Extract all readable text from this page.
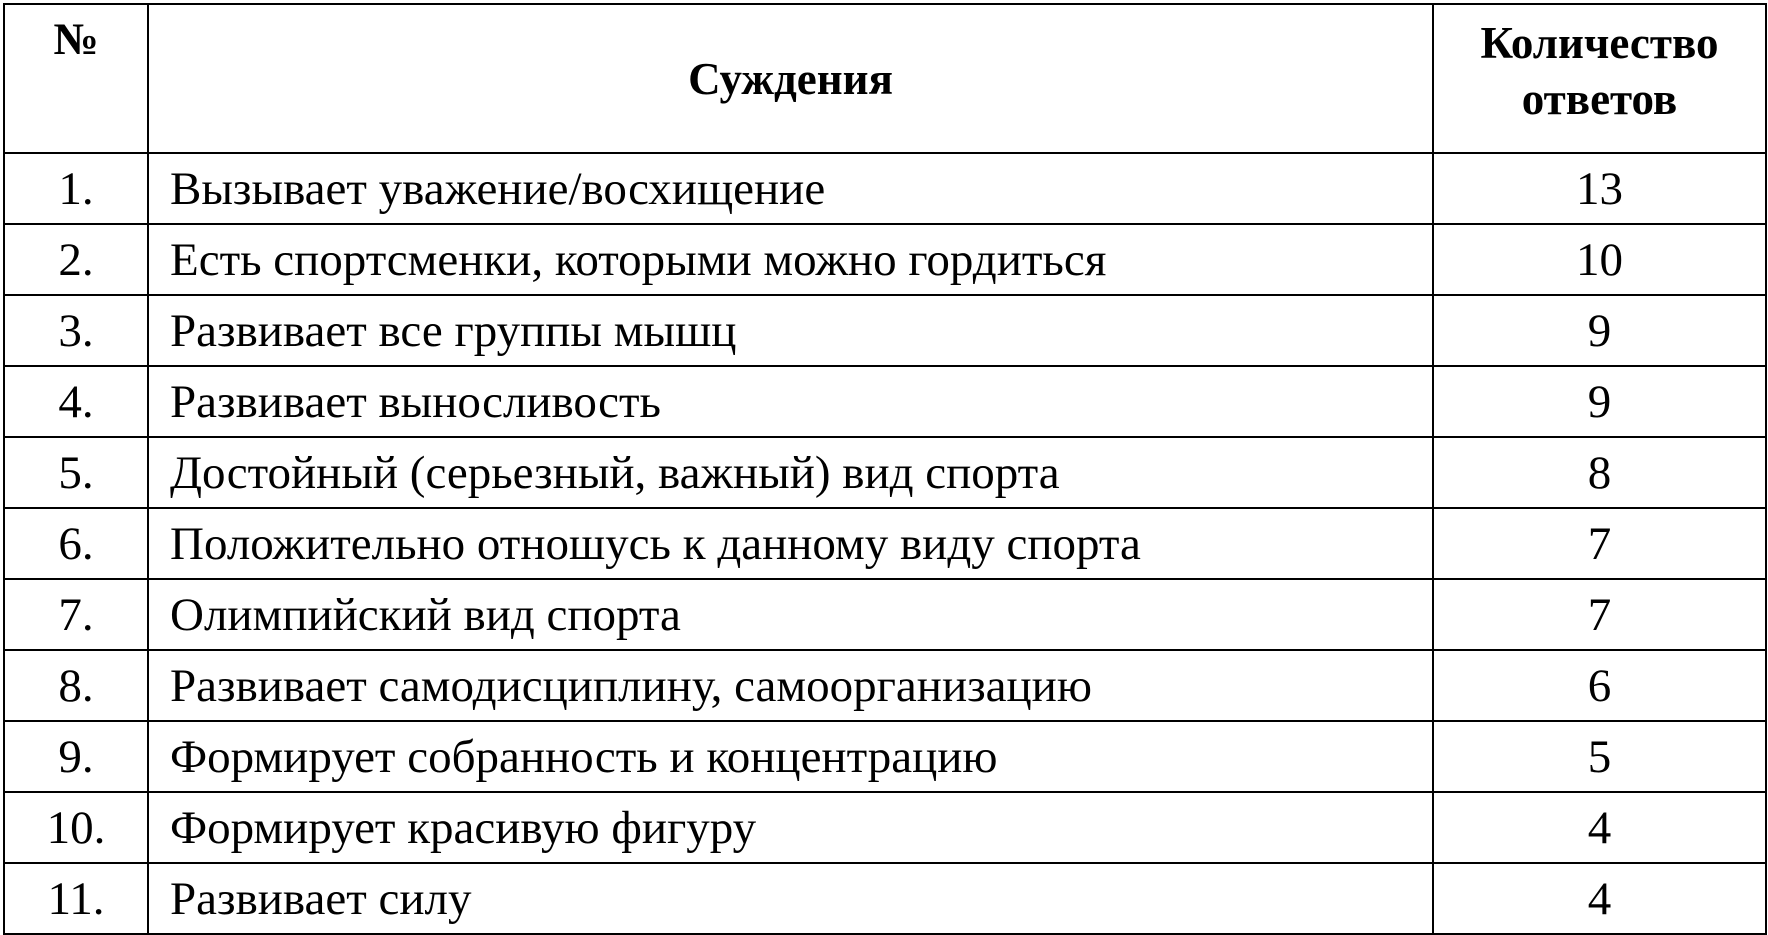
№	Суждения	Количество
ответов
1.	Вызывает уважение/восхищение	13
2.	Есть спортсменки, которыми можно гордиться	10
3.	Развивает все группы мышц	9
4.	Развивает выносливость	9
5.	Достойный (серьезный, важный) вид спорта	8
6.	Положительно отношусь к данному виду спорта	7
7.	Олимпийский вид спорта	7
8.	Развивает самодисциплину, самоорганизацию	6
9.	Формирует собранность и концентрацию	5
10.	Формирует красивую фигуру	4
11.	Развивает силу	4
